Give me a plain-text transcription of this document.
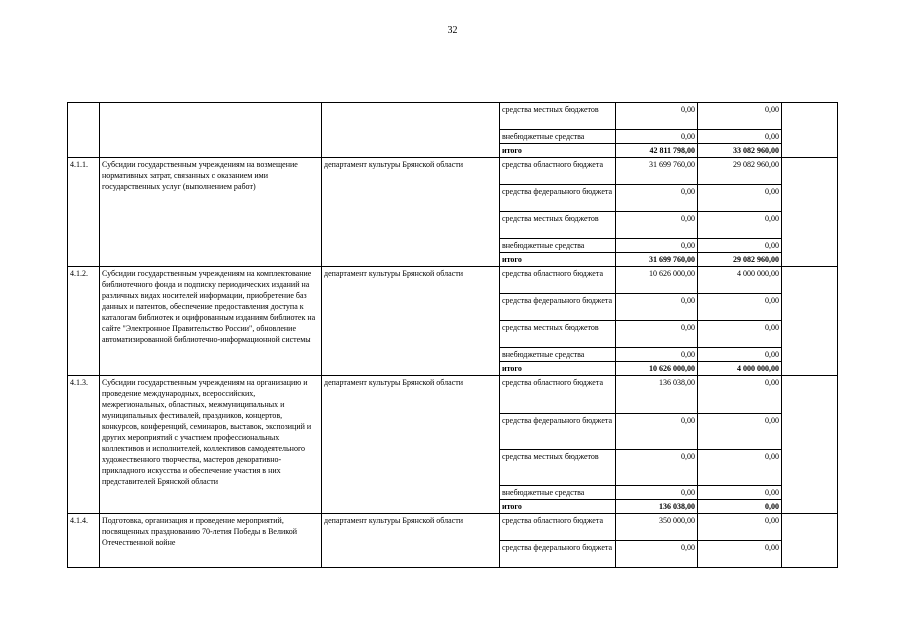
32
			средства местных бюджетов	0,00	0,00	
			внебюджетные средства	0,00	0,00	
			итого	42 811 798,00	33 082 960,00	
4.1.1.	Субсидии государственным учреждениям на возмещение нормативных затрат, связанных с оказанием ими государственных услуг (выполнением работ)	департамент культуры Брянской области	средства областного бюджета	31 699 760,00	29 082 960,00	
			средства федерального бюджета	0,00	0,00	
			средства местных бюджетов	0,00	0,00	
			внебюджетные средства	0,00	0,00	
			итого	31 699 760,00	29 082 960,00	
4.1.2.	Субсидии государственным учреждениям на комплектование библиотечного фонда и подписку периодических изданий на различных видах носителей информации, приобретение баз данных и патентов, обеспечение предоставления доступа к каталогам библиотек и оцифрованным изданиям библиотек на сайте "Электронное Правительство России", обновление автоматизированной библиотечно-информационной системы	департамент культуры Брянской области	средства областного бюджета	10 626 000,00	4 000 000,00	
			средства федерального бюджета	0,00	0,00	
			средства местных бюджетов	0,00	0,00	
			внебюджетные средства	0,00	0,00	
			итого	10 626 000,00	4 000 000,00	
4.1.3.	Субсидии государственным учреждениям на организацию и проведение международных, всероссийских, межрегиональных, областных, межмуниципальных и муниципальных фестивалей, праздников, концертов, конкурсов, конференций, семинаров, выставок, экспозиций и других мероприятий с участием профессиональных коллективов и исполнителей, коллективов самодеятельного художественного творчества, мастеров декоративно-прикладного искусства и обеспечение участия в них представителей Брянской области	департамент культуры Брянской области	средства областного бюджета	136 038,00	0,00	
			средства федерального бюджета	0,00	0,00	
			средства местных бюджетов	0,00	0,00	
			внебюджетные средства	0,00	0,00	
			итого	136 038,00	0,00	
4.1.4.	Подготовка, организация и проведение мероприятий, посвященных празднованию 70-летия Победы в Великой Отечественной войне	департамент культуры Брянской области	средства областного бюджета	350 000,00	0,00	
			средства федерального бюджета	0,00	0,00	
